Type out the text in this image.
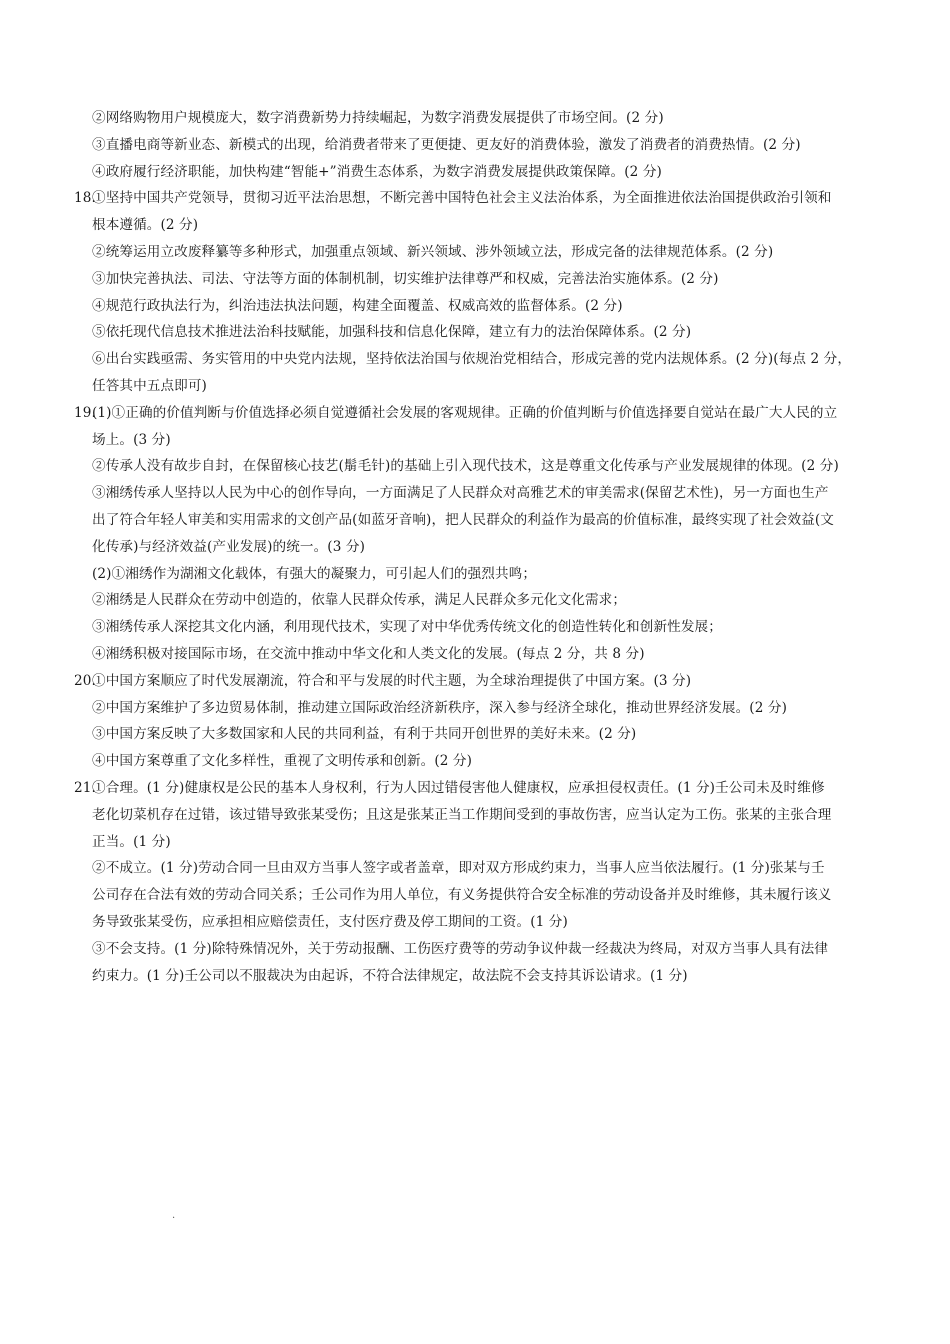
②网络购物用户规模庞大，数字消费新势力持续崛起，为数字消费发展提供了市场空间。(2 分)
③直播电商等新业态、新模式的出现，给消费者带来了更便捷、更友好的消费体验，激发了消费者的消费热情。(2 分)
④政府履行经济职能，加快构建“智能+”消费生态体系，为数字消费发展提供政策保障。(2 分)
18.
①坚持中国共产党领导，贯彻习近平法治思想，不断完善中国特色社会主义法治体系，为全面推进依法治国提供政治引领和
根本遵循。(2 分)
②统筹运用立改废释纂等多种形式，加强重点领域、新兴领域、涉外领域立法，形成完备的法律规范体系。(2 分)
③加快完善执法、司法、守法等方面的体制机制，切实维护法律尊严和权威，完善法治实施体系。(2 分)
④规范行政执法行为，纠治违法执法问题，构建全面覆盖、权威高效的监督体系。(2 分)
⑤依托现代信息技术推进法治科技赋能，加强科技和信息化保障，建立有力的法治保障体系。(2 分)
⑥出台实践亟需、务实管用的中央党内法规，坚持依法治国与依规治党相结合，形成完善的党内法规体系。(2 分)(每点 2 分，
任答其中五点即可)
19.
(1)①正确的价值判断与价值选择必须自觉遵循社会发展的客观规律。正确的价值判断与价值选择要自觉站在最广大人民的立
场上。(3 分)
②传承人没有故步自封，在保留核心技艺(鬅毛针)的基础上引入现代技术，这是尊重文化传承与产业发展规律的体现。(2 分)
③湘绣传承人坚持以人民为中心的创作导向，一方面满足了人民群众对高雅艺术的审美需求(保留艺术性)，另一方面也生产
出了符合年轻人审美和实用需求的文创产品(如蓝牙音响)，把人民群众的利益作为最高的价值标准，最终实现了社会效益(文
化传承)与经济效益(产业发展)的统一。(3 分)
(2)①湘绣作为湖湘文化载体，有强大的凝聚力，可引起人们的强烈共鸣；
②湘绣是人民群众在劳动中创造的，依靠人民群众传承，满足人民群众多元化文化需求；
③湘绣传承人深挖其文化内涵，利用现代技术，实现了对中华优秀传统文化的创造性转化和创新性发展；
④湘绣积极对接国际市场，在交流中推动中华文化和人类文化的发展。(每点 2 分，共 8 分)
20.
①中国方案顺应了时代发展潮流，符合和平与发展的时代主题，为全球治理提供了中国方案。(3 分)
②中国方案维护了多边贸易体制，推动建立国际政治经济新秩序，深入参与经济全球化，推动世界经济发展。(2 分)
③中国方案反映了大多数国家和人民的共同利益，有利于共同开创世界的美好未来。(2 分)
④中国方案尊重了文化多样性，重视了文明传承和创新。(2 分)
21.
①合理。(1 分)健康权是公民的基本人身权利，行为人因过错侵害他人健康权，应承担侵权责任。(1 分)壬公司未及时维修
老化切菜机存在过错，该过错导致张某受伤；且这是张某正当工作期间受到的事故伤害，应当认定为工伤。张某的主张合理
正当。(1 分)
②不成立。(1 分)劳动合同一旦由双方当事人签字或者盖章，即对双方形成约束力，当事人应当依法履行。(1 分)张某与壬
公司存在合法有效的劳动合同关系；壬公司作为用人单位，有义务提供符合安全标准的劳动设备并及时维修，其未履行该义
务导致张某受伤，应承担相应赔偿责任，支付医疗费及停工期间的工资。(1 分)
③不会支持。(1 分)除特殊情况外，关于劳动报酬、工伤医疗费等的劳动争议仲裁一经裁决为终局，对双方当事人具有法律
约束力。(1 分)壬公司以不服裁决为由起诉，不符合法律规定，故法院不会支持其诉讼请求。(1 分)
.
